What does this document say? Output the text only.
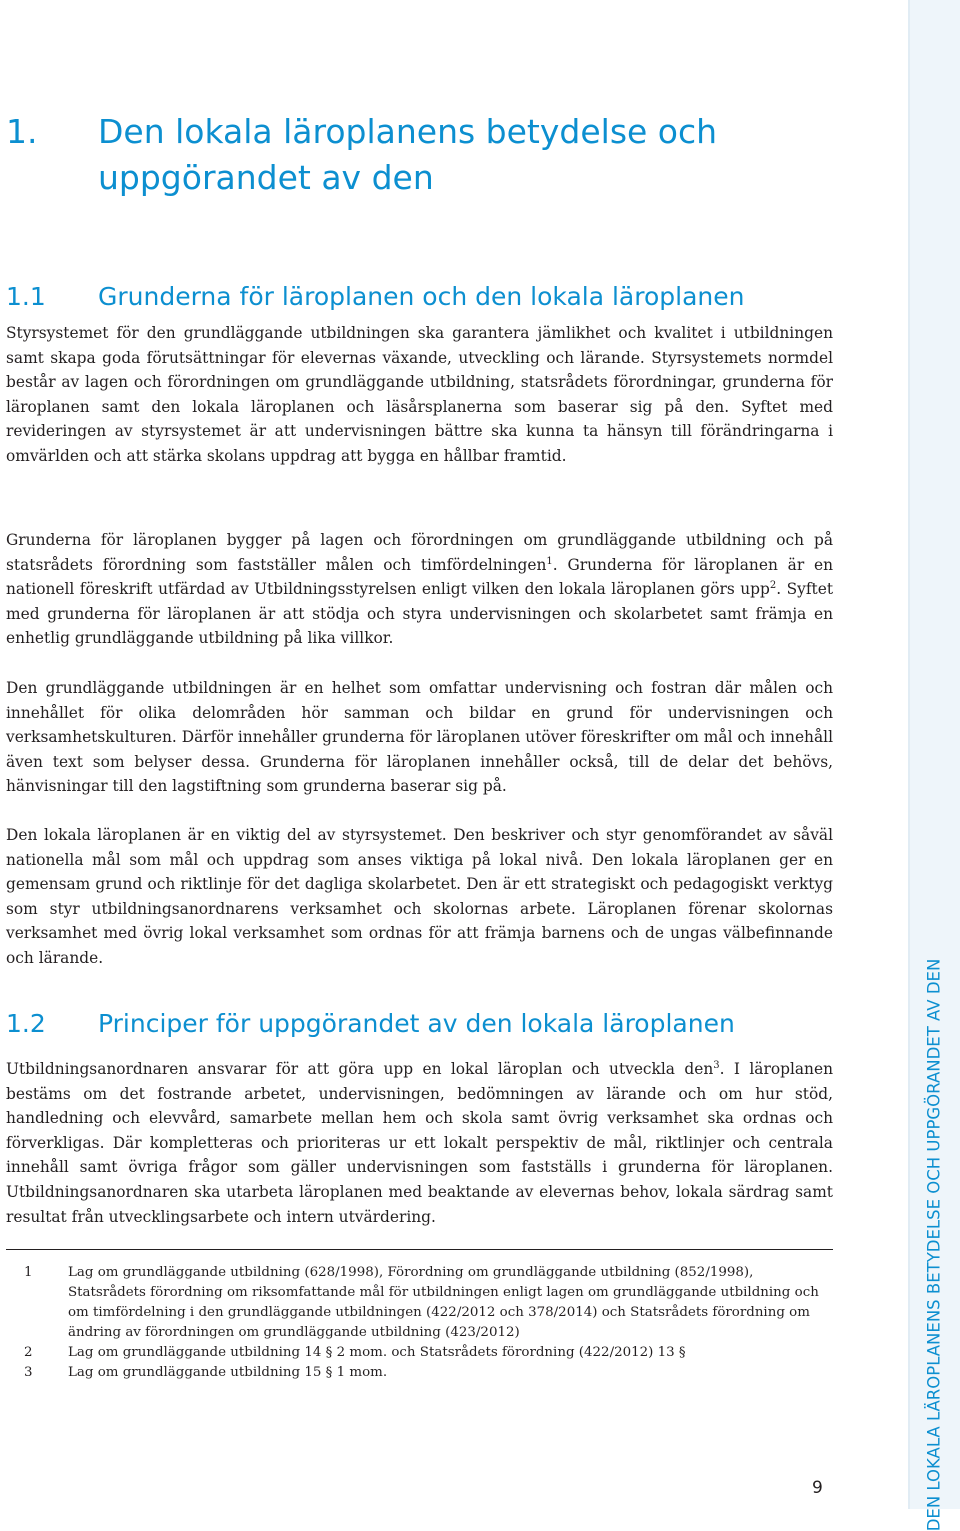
DEN LOKALA LÄROPLANENS BETYDELSE OCH UPPGÖRANDET AV DEN
1. Den lokala läroplanens betydelse och uppgörandet av den
1.1 Grunderna för läroplanen och den lokala läroplanen

Styrsystemet för den grundläggande utbildningen ska garantera jämlikhet och kvalitet i utbildningen samt skapa goda förutsättningar för elevernas växande, utveckling och lärande. Styrsystemets normdel består av lagen och förordningen om grundläggande utbildning, statsrådets förordningar, grunderna för läroplanen samt den lokala läroplanen och läsårsplanerna som baserar sig på den. Syftet med revideringen av styrsystemet är att undervisningen bättre ska kunna ta hänsyn till förändringarna i omvärlden och att stärka skolans uppdrag att bygga en hållbar framtid.

Grunderna för läroplanen bygger på lagen och förordningen om grundläggande utbildning och på statsrådets förordning som fastställer målen och timfördelningen$^1$. Grunderna för läroplanen är en nationell föreskrift utfärdad av Utbildningsstyrelsen enligt vilken den lokala läroplanen görs upp$^2$. Syftet med grunderna för läroplanen är att stödja och styra undervisningen och skolarbetet samt främja en enhetlig grundläggande utbildning på lika villkor.

Den grundläggande utbildningen är en helhet som omfattar undervisning och fostran där målen och innehållet för olika delområden hör samman och bildar en grund för undervisningen och verksamhetskulturen. Därför innehåller grunderna för läroplanen utöver föreskrifter om mål och innehåll även text som belyser dessa. Grunderna för läroplanen innehåller också, till de delar det behövs, hänvisningar till den lagstiftning som grunderna baserar sig på.

Den lokala läroplanen är en viktig del av styrsystemet. Den beskriver och styr genomförandet av såväl nationella mål som mål och uppdrag som anses viktiga på lokal nivå. Den lokala läroplanen ger en gemensam grund och riktlinje för det dagliga skolarbetet. Den är ett strategiskt och pedagogiskt verktyg som styr utbildningsanordnarens verksamhet och skolornas arbete. Läroplanen förenar skolornas verksamhet med övrig lokal verksamhet som ordnas för att främja barnens och de ungas välbefinnande och lärande.

1.2 Principer för uppgörandet av den lokala läroplanen

Utbildningsanordnaren ansvarar för att göra upp en lokal läroplan och utveckla den$^3$. I läroplanen bestäms om det fostrande arbetet, undervisningen, bedömningen av lärande och om hur stöd, handledning och elevvård, samarbete mellan hem och skola samt övrig verksamhet ska ordnas och förverkligas. Där kompletteras och prioriteras ur ett lokalt perspektiv de mål, riktlinjer och centrala innehåll samt övriga frågor som gäller undervisningen som fastställs i grunderna för läroplanen. Utbildningsanordnaren ska utarbeta läroplanen med beaktande av elevernas behov, lokala särdrag samt resultat från utvecklingsarbete och intern utvärdering.

1	Lag om grundläggande utbildning (628/1998), Förordning om grundläggande utbildning (852/1998), Statsrådets förordning om riksomfattande mål för utbildningen enligt lagen om grundläggande utbildning och om timfördelning i den grundläggande utbildningen (422/2012 och 378/2014) och Statsrådets förordning om ändring av förordningen om grundläggande utbildning (423/2012)

2	Lag om grundläggande utbildning 14 § 2 mom. och Statsrådets förordning (422/2012) 13 §

3	Lag om grundläggande utbildning 15 § 1 mom.

9
